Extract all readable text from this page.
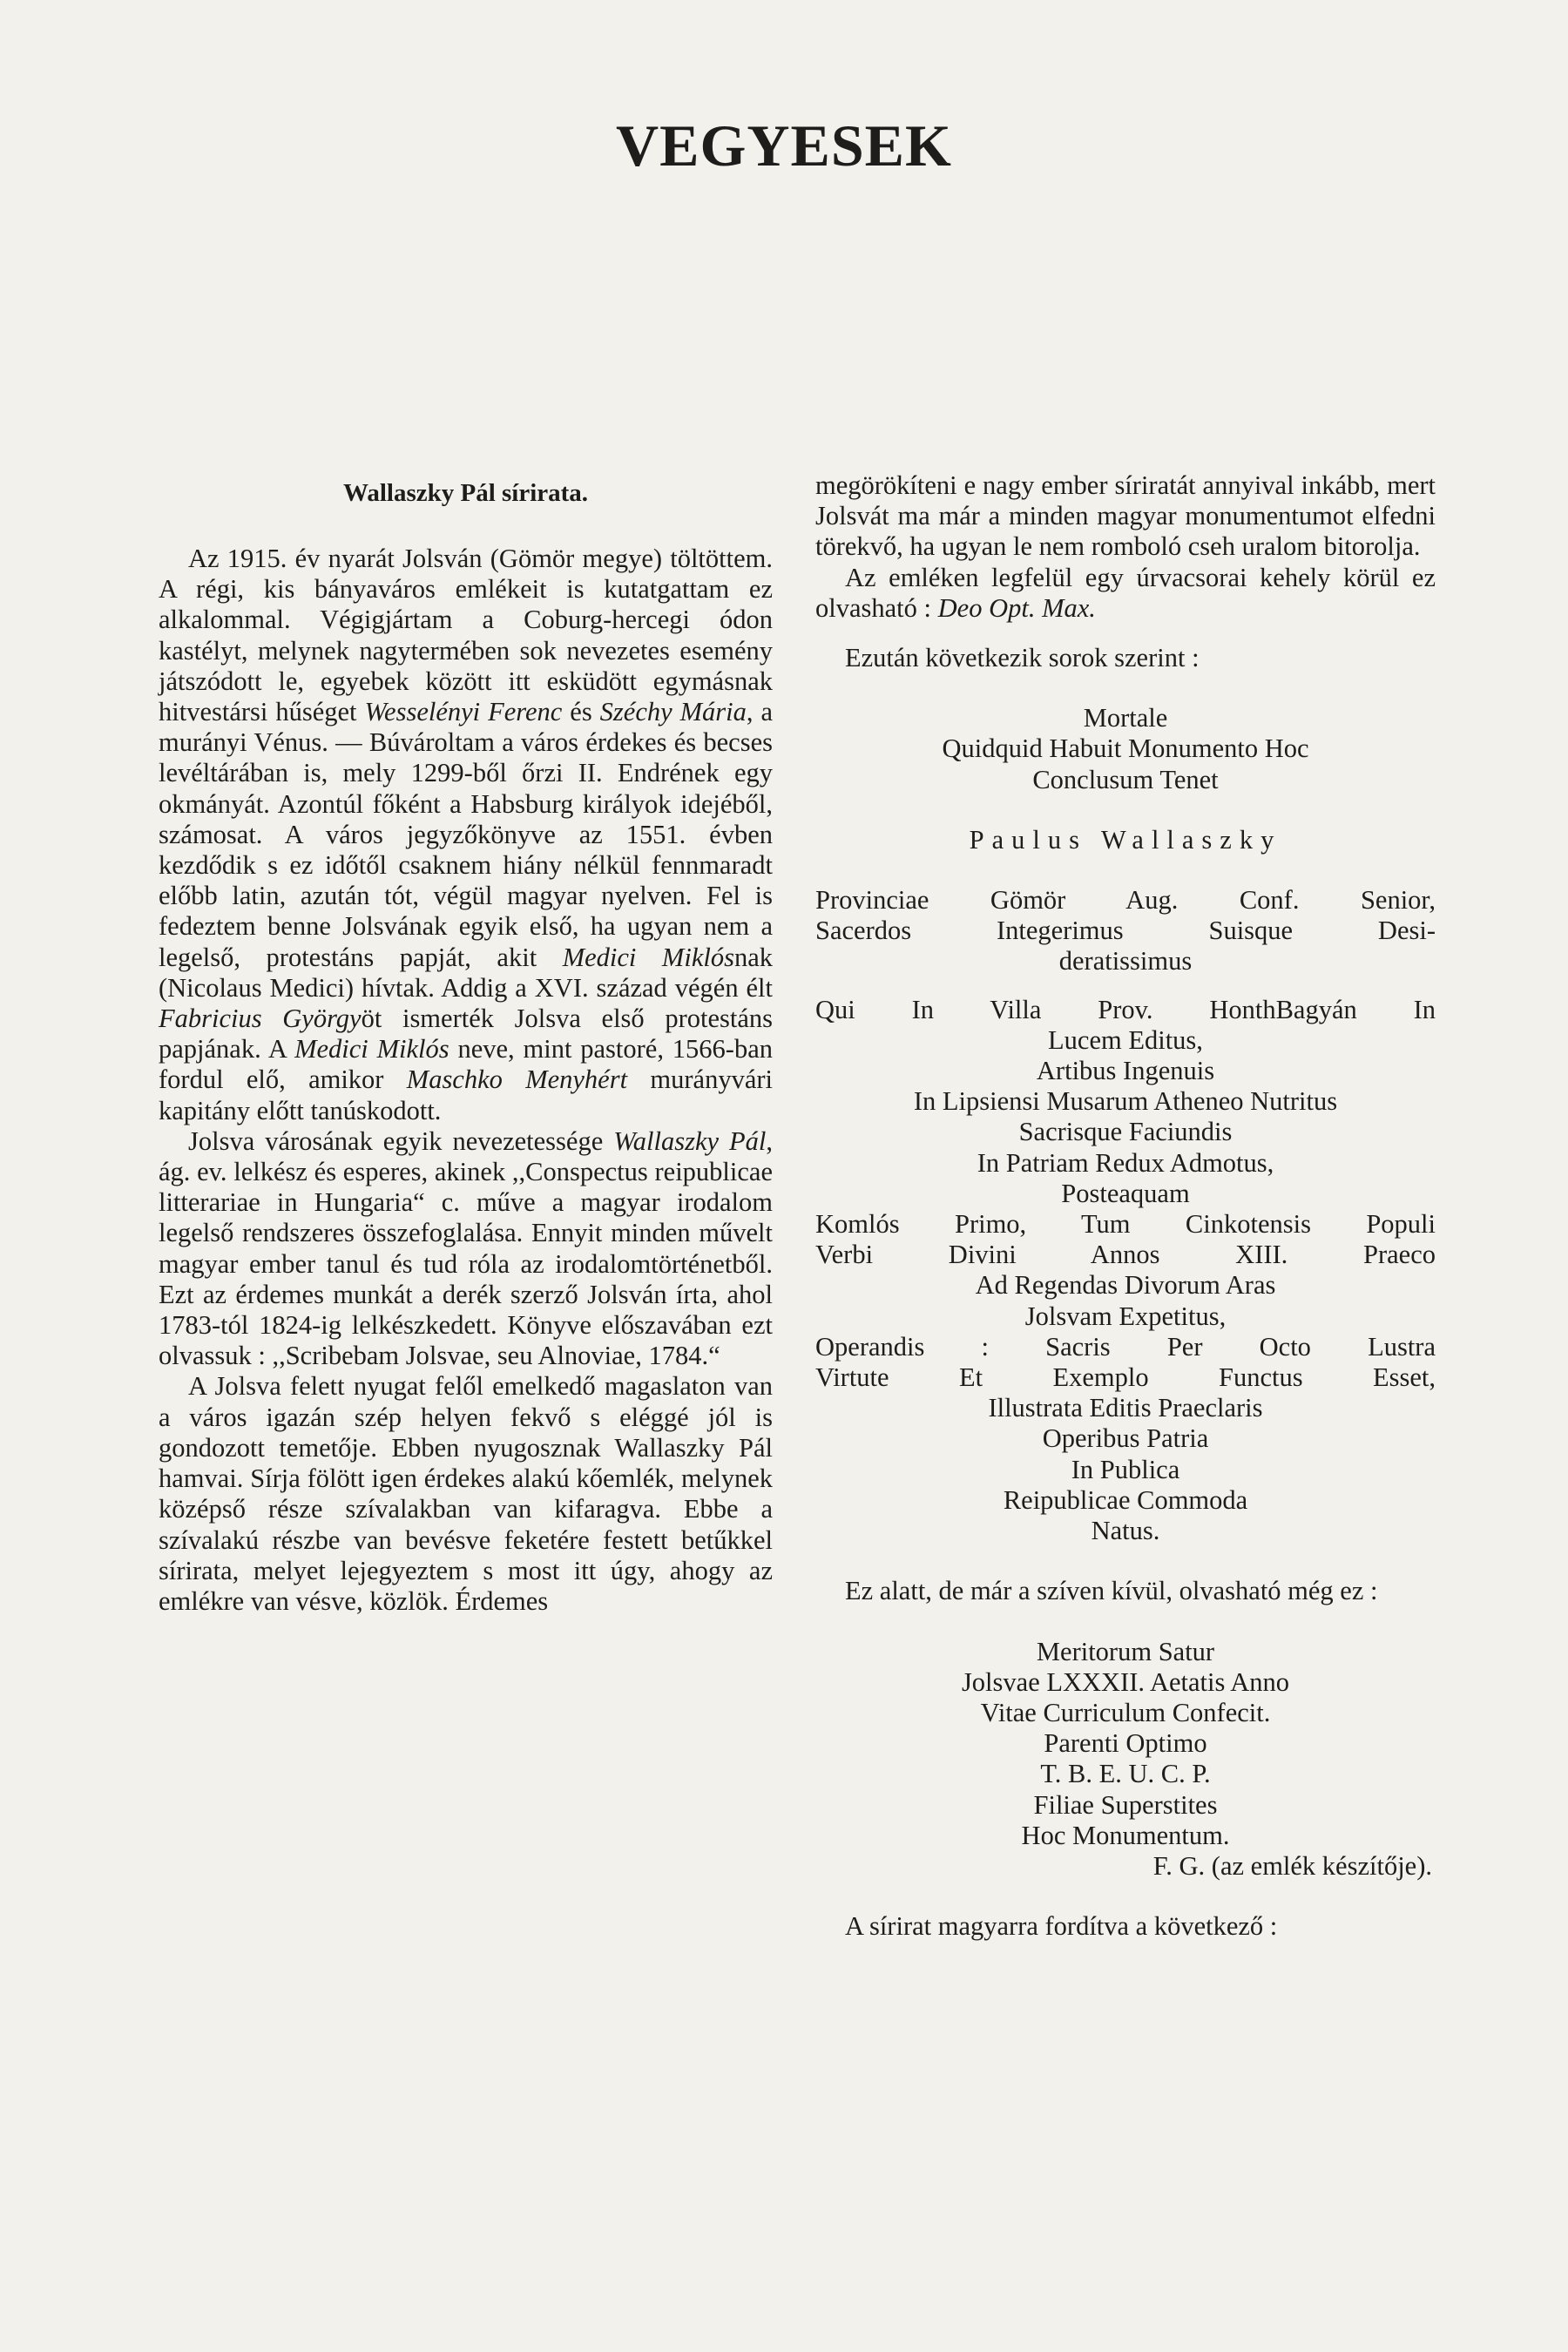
VEGYESEK
Wallaszky Pál sírirata.

Az 1915. év nyarát Jolsván (Gömör megye) töltöttem. A régi, kis bányaváros emlékeit is kutatgattam ez alkalommal. Végigjártam a Coburg-hercegi ódon kastélyt, melynek nagytermében sok nevezetes esemény játszódott le, egyebek között itt esküdött egymásnak hitvestársi hűséget Wesselényi Ferenc és Széchy Mária, a murányi Vénus. — Búvároltam a város érdekes és becses levéltárában is, mely 1299-ből őrzi II. Endrének egy okmányát. Azontúl főként a Habsburg királyok idejéből, számosat. A város jegyzőkönyve az 1551. évben kezdődik s ez időtől csaknem hiány nélkül fennmaradt előbb latin, azután tót, végül magyar nyelven. Fel is fedeztem benne Jolsvának egyik első, ha ugyan nem a legelső, protestáns papját, akit Medici Miklósnak (Nicolaus Medici) hívtak. Addig a XVI. század végén élt Fabricius Györgyöt ismerték Jolsva első protestáns papjának. A Medici Miklós neve, mint pastoré, 1566-ban fordul elő, amikor Maschko Menyhért murányvári kapitány előtt tanúskodott.

Jolsva városának egyik nevezetessége Wallaszky Pál, ág. ev. lelkész és esperes, akinek ,,Conspectus reipublicae litterariae in Hungaria“ c. műve a magyar irodalom legelső rendszeres összefoglalása. Ennyit minden művelt magyar ember tanul és tud róla az irodalomtörténetből. Ezt az érdemes munkát a derék szerző Jolsván írta, ahol 1783-tól 1824-ig lelkészkedett. Könyve előszavában ezt olvassuk : ,,Scribebam Jolsvae, seu Alnoviae, 1784.“

A Jolsva felett nyugat felől emelkedő magaslaton van a város igazán szép helyen fekvő s eléggé jól is gondozott temetője. Ebben nyugosznak Wallaszky Pál hamvai. Sírja fölött igen érdekes alakú kőemlék, melynek középső része szívalakban van kifaragva. Ebbe a szívalakú részbe van bevésve feketére festett betűkkel sírirata, melyet lejegyeztem s most itt úgy, ahogy az emlékre van vésve, közlök. Érdemes

megörökíteni e nagy ember síriratát annyival inkább, mert Jolsvát ma már a minden magyar monumentumot elfedni törekvő, ha ugyan le nem romboló cseh uralom bitorolja.

Az emléken legfelül egy úrvacsorai kehely körül ez olvasható : Deo Opt. Max.

Ezután következik sorok szerint :

Mortale
Quidquid Habuit Monumento Hoc
Conclusum Tenet
Paulus Wallaszky
Provinciae Gömör Aug. Conf. Senior,
Sacerdos Integerimus Suisque Desi-
deratissimus
Qui In Villa Prov. HonthBagyán In
Lucem Editus,
Artibus Ingenuis
In Lipsiensi Musarum Atheneo Nutritus
Sacrisque Faciundis
In Patriam Redux Admotus,
Posteaquam
Komlós Primo, Tum Cinkotensis Populi
Verbi Divini Annos XIII. Praeco
Ad Regendas Divorum Aras
Jolsvam Expetitus,
Operandis : Sacris Per Octo Lustra
Virtute Et Exemplo Functus Esset,
Illustrata Editis Praeclaris
Operibus Patria
In Publica
Reipublicae Commoda
Natus.

Ez alatt, de már a szíven kívül, olvasható még ez :

Meritorum Satur
Jolsvae LXXXII. Aetatis Anno
Vitae Curriculum Confecit.
Parenti Optimo
T. B. E. U. C. P.
Filiae Superstites
Hoc Monumentum.
F. G. (az emlék készítője).

A sírirat magyarra fordítva a következő :
